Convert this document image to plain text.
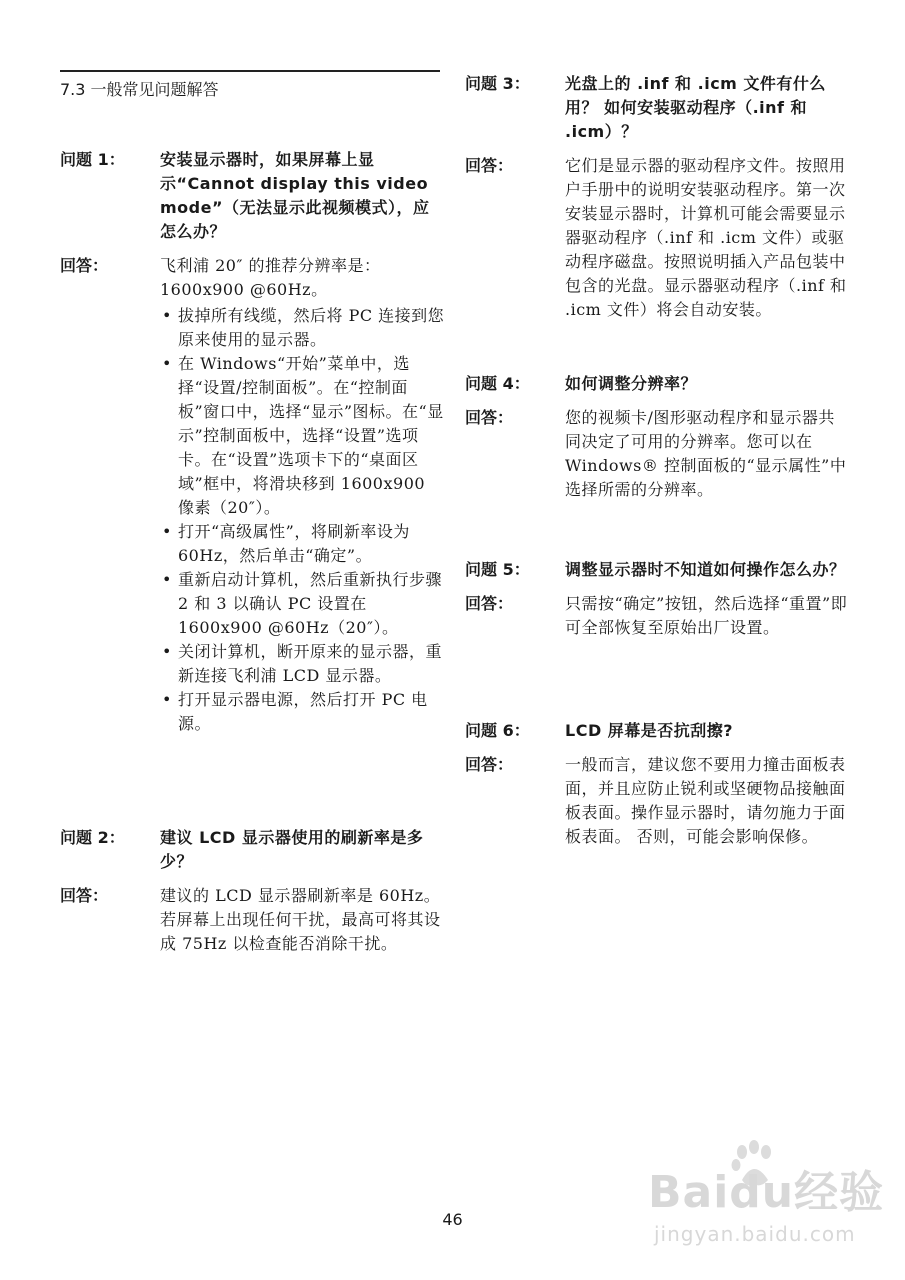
7.3 一般常见问题解答
问题 1：	安装显示器时，如果屏幕上显示“Cannot display this video mode”（无法显示此视频模式），应怎么办？
回答：	飞利浦 20″ 的推荐分辨率是：1600x900 @60Hz。
• 拔掉所有线缆，然后将 PC 连接到您原来使用的显示器。
• 在 Windows“开始”菜单中，选择“设置/控制面板”。在“控制面板”窗口中，选择“显示”图标。在“显示”控制面板中，选择“设置”选项卡。在“设置”选项卡下的“桌面区域”框中，将滑块移到 1600x900 像素（20″）。
• 打开“高级属性”，将刷新率设为 60Hz，然后单击“确定”。
• 重新启动计算机，然后重新执行步骤 2 和 3 以确认 PC 设置在 1600x900 @60Hz（20″）。
• 关闭计算机，断开原来的显示器，重新连接飞利浦 LCD 显示器。
• 打开显示器电源，然后打开 PC 电源。
问题 2：	建议 LCD 显示器使用的刷新率是多少？
回答：	建议的 LCD 显示器刷新率是 60Hz。若屏幕上出现任何干扰，最高可将其设成 75Hz 以检查能否消除干扰。
问题 3：	光盘上的 .inf 和 .icm 文件有什么用？ 如何安装驱动程序（.inf 和 .icm）？
回答：	它们是显示器的驱动程序文件。按照用户手册中的说明安装驱动程序。第一次安装显示器时，计算机可能会需要显示器驱动程序（.inf 和 .icm 文件）或驱动程序磁盘。按照说明插入产品包装中包含的光盘。显示器驱动程序（.inf 和 .icm 文件）将会自动安装。
问题 4：	如何调整分辨率？
回答：	您的视频卡/图形驱动程序和显示器共同决定了可用的分辨率。您可以在 Windows® 控制面板的“显示属性”中选择所需的分辨率。
问题 5：	调整显示器时不知道如何操作怎么办？
回答：	只需按“确定”按钮，然后选择“重置”即可全部恢复至原始出厂设置。
问题 6：	LCD 屏幕是否抗刮擦?
回答：	一般而言，建议您不要用力撞击面板表面，并且应防止锐利或坚硬物品接触面板表面。操作显示器时，请勿施力于面板表面。 否则，可能会影响保修。
46
Baidu经验
jingyan.baidu.com
